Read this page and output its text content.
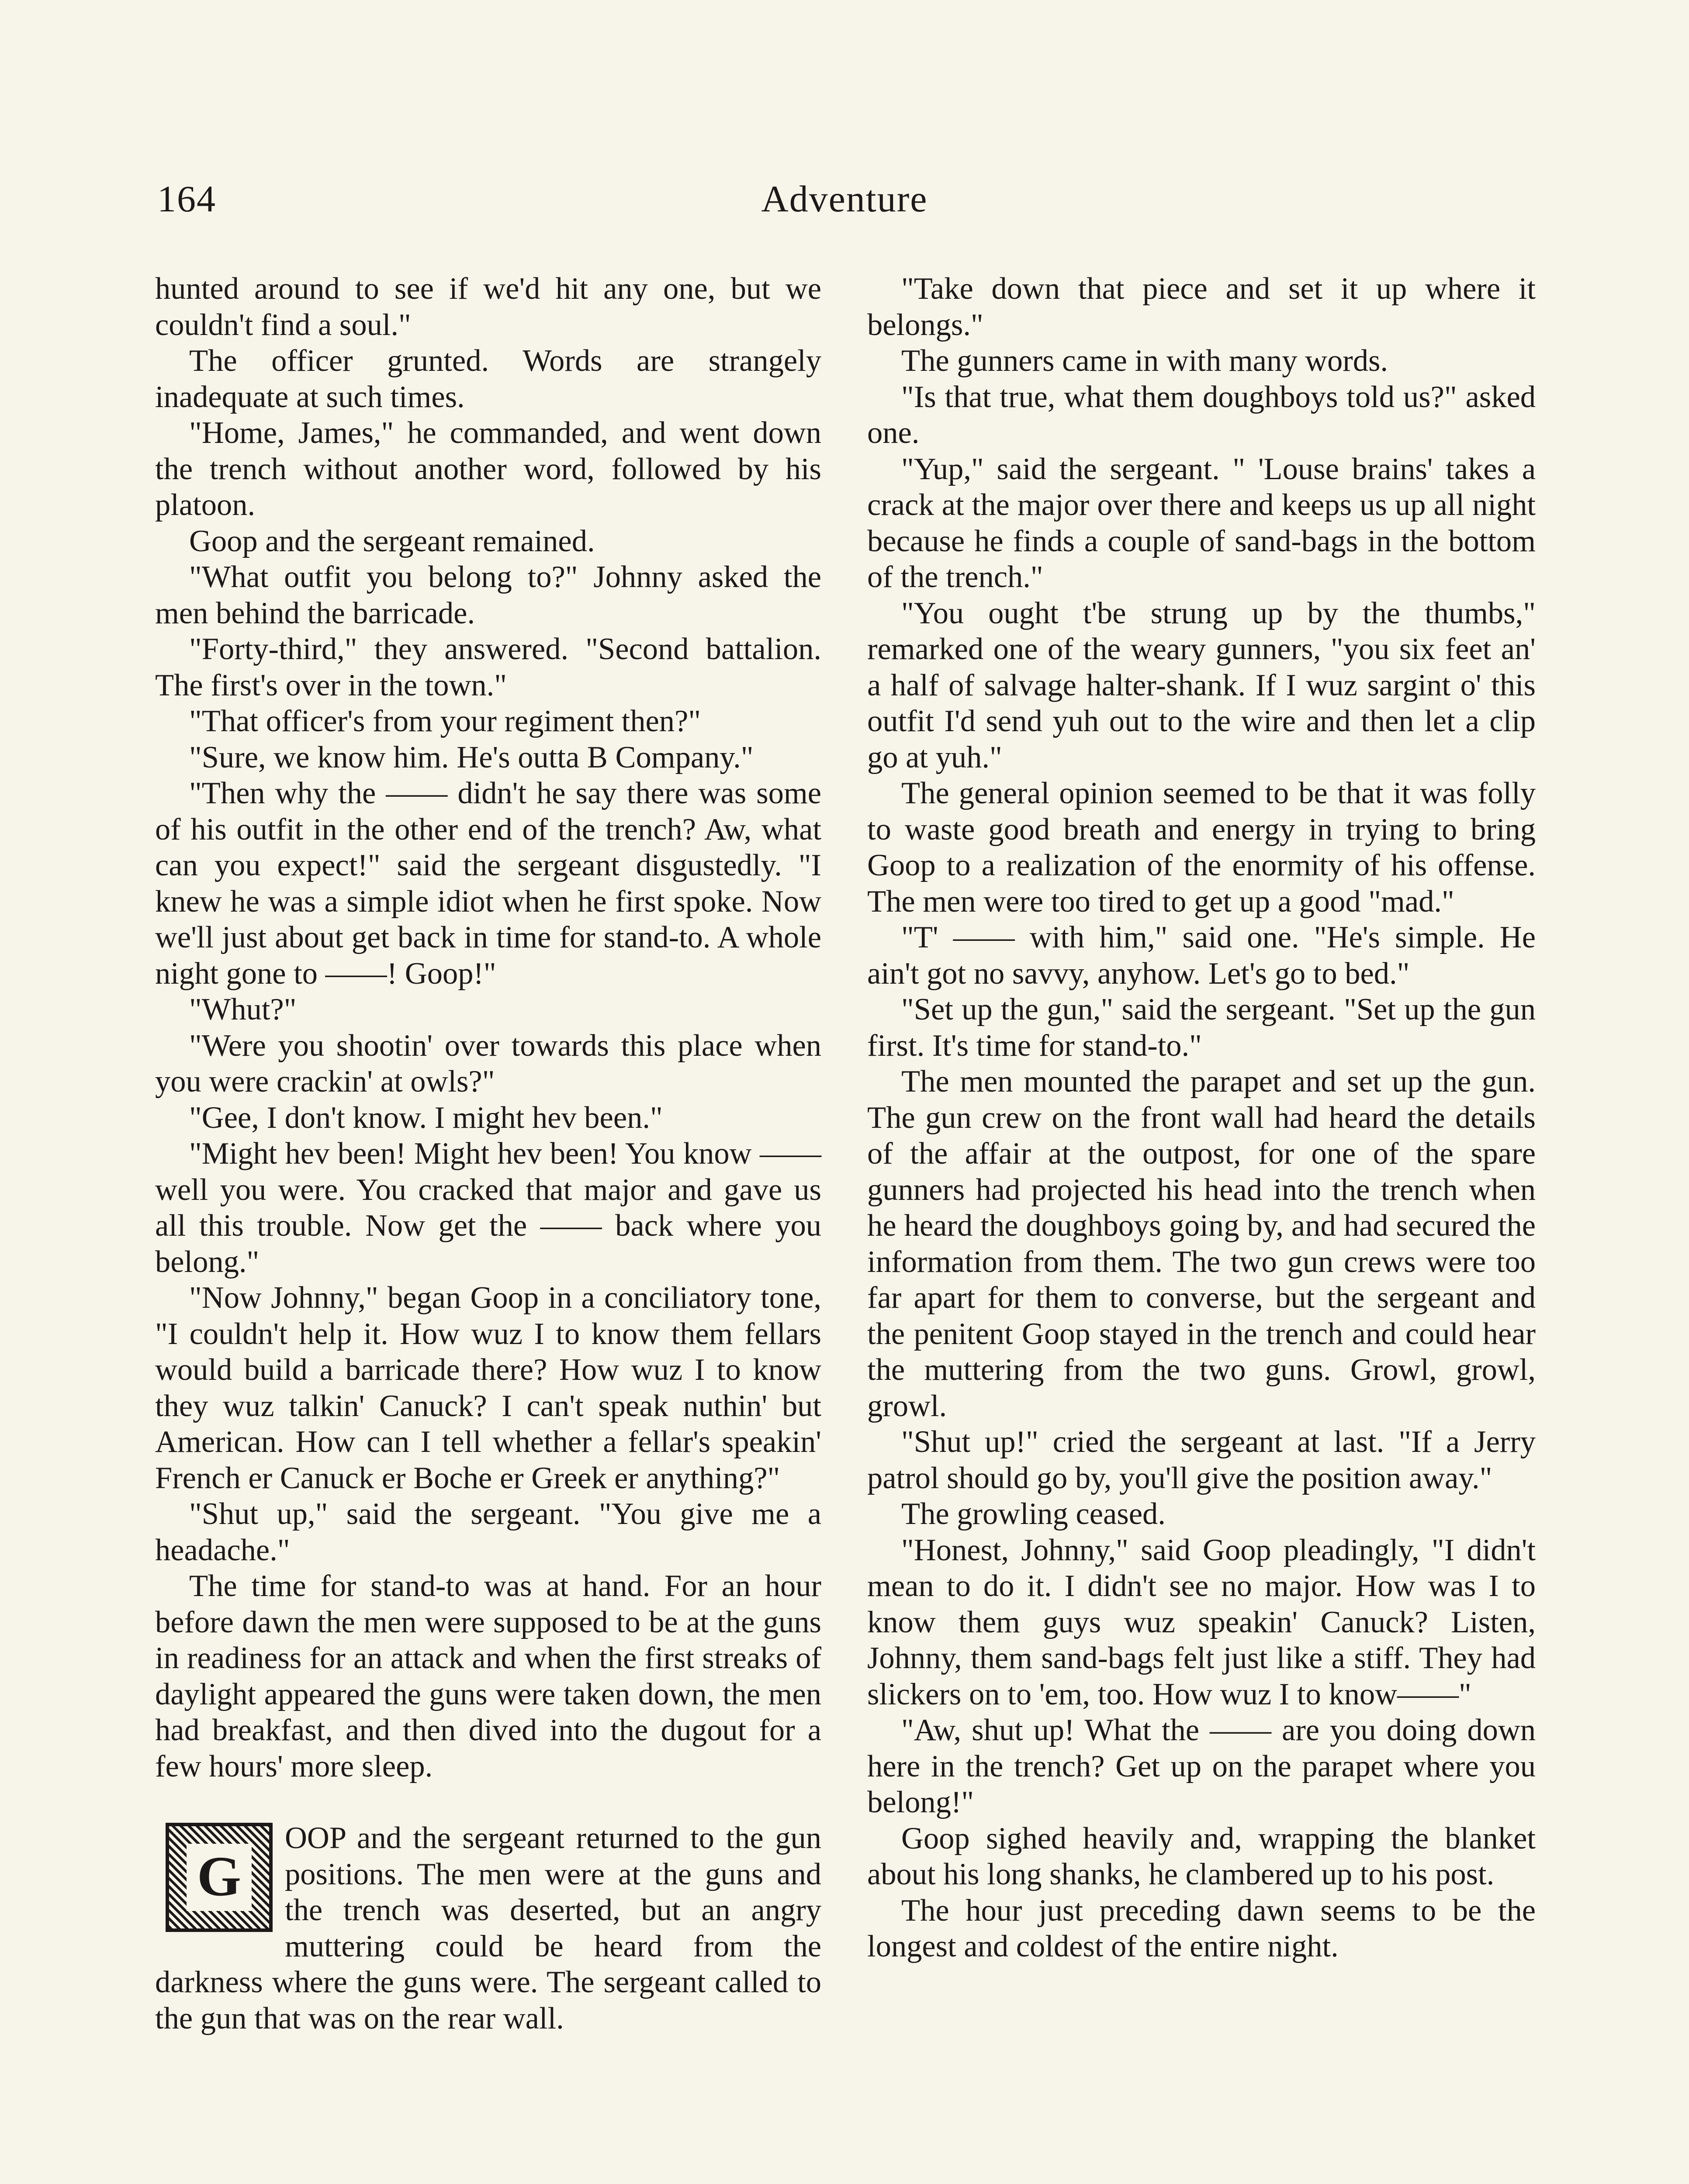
164	Adventure

hunted around to see if we'd hit any one, but we couldn't find a soul."

The officer grunted. Words are strangely inadequate at such times.

"Home, James," he commanded, and went down the trench without another word, followed by his platoon.

Goop and the sergeant remained.

"What outfit you belong to?" Johnny asked the men behind the barricade.

"Forty-third," they answered. "Second battalion. The first's over in the town."

"That officer's from your regiment then?"

"Sure, we know him. He's outta B Company."

"Then why the —— didn't he say there was some of his outfit in the other end of the trench? Aw, what can you expect!" said the sergeant disgustedly. "I knew he was a simple idiot when he first spoke. Now we'll just about get back in time for stand-to. A whole night gone to ——! Goop!"

"Whut?"

"Were you shootin' over towards this place when you were crackin' at owls?"

"Gee, I don't know. I might hev been."

"Might hev been! Might hev been! You know —— well you were. You cracked that major and gave us all this trouble. Now get the —— back where you belong."

"Now Johnny," began Goop in a conciliatory tone, "I couldn't help it. How wuz I to know them fellars would build a barricade there? How wuz I to know they wuz talkin' Canuck? I can't speak nuthin' but American. How can I tell whether a fellar's speakin' French er Canuck er Boche er Greek er anything?"

"Shut up," said the sergeant. "You give me a headache."

The time for stand-to was at hand. For an hour before dawn the men were supposed to be at the guns in readiness for an attack and when the first streaks of daylight appeared the guns were taken down, the men had breakfast, and then dived into the dugout for a few hours' more sleep.

G
OOP and the sergeant returned to the gun positions. The men were at the guns and the trench was deserted, but an angry muttering could be heard from the darkness where the guns were. The sergeant called to the gun that was on the rear wall.

"Take down that piece and set it up where it belongs."

The gunners came in with many words.

"Is that true, what them doughboys told us?" asked one.

"Yup," said the sergeant. " 'Louse brains' takes a crack at the major over there and keeps us up all night because he finds a couple of sand-bags in the bottom of the trench."

"You ought t'be strung up by the thumbs," remarked one of the weary gunners, "you six feet an' a half of salvage halter-shank. If I wuz sargint o' this outfit I'd send yuh out to the wire and then let a clip go at yuh."

The general opinion seemed to be that it was folly to waste good breath and energy in trying to bring Goop to a realization of the enormity of his offense. The men were too tired to get up a good "mad."

"T' —— with him," said one. "He's simple. He ain't got no savvy, anyhow. Let's go to bed."

"Set up the gun," said the sergeant. "Set up the gun first. It's time for stand-to."

The men mounted the parapet and set up the gun. The gun crew on the front wall had heard the details of the affair at the outpost, for one of the spare gunners had projected his head into the trench when he heard the doughboys going by, and had secured the information from them. The two gun crews were too far apart for them to converse, but the sergeant and the penitent Goop stayed in the trench and could hear the muttering from the two guns. Growl, growl, growl.

"Shut up!" cried the sergeant at last. "If a Jerry patrol should go by, you'll give the position away."

The growling ceased.

"Honest, Johnny," said Goop pleadingly, "I didn't mean to do it. I didn't see no major. How was I to know them guys wuz speakin' Canuck? Listen, Johnny, them sand-bags felt just like a stiff. They had slickers on to 'em, too. How wuz I to know——"

"Aw, shut up! What the —— are you doing down here in the trench? Get up on the parapet where you belong!"

Goop sighed heavily and, wrapping the blanket about his long shanks, he clambered up to his post.

The hour just preceding dawn seems to be the longest and coldest of the entire night.
